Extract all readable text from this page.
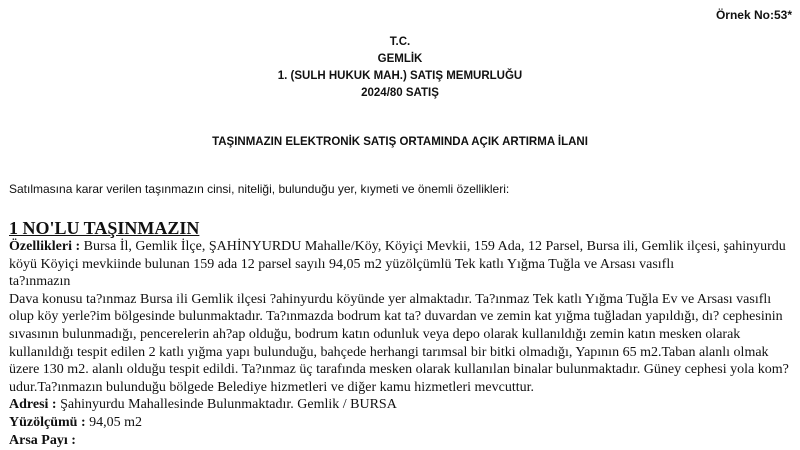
Örnek No:53*
T.C.
GEMLİK
1. (SULH HUKUK MAH.) SATIŞ MEMURLUĞU
2024/80 SATIŞ
TAŞINMAZIN ELEKTRONİK SATIŞ ORTAMINDA AÇIK ARTIRMA İLANI
Satılmasına karar verilen taşınmazın cinsi, niteliği, bulunduğu yer, kıymeti ve önemli özellikleri:
1 NO'LU TAŞINMAZIN
Özellikleri : Bursa İl, Gemlik İlçe, ŞAHİNYURDU Mahalle/Köy, Köyiçi Mevkii, 159 Ada, 12 Parsel, Bursa ili, Gemlik ilçesi, şahinyurdu
köyü Köyiçi mevkiinde bulunan 159 ada 12 parsel sayılı 94,05 m2 yüzölçümlü Tek katlı Yığma Tuğla ve Arsası vasıflı
ta?ınmazın
Dava konusu ta?ınmaz Bursa ili Gemlik ilçesi ?ahinyurdu köyünde yer almaktadır. Ta?ınmaz Tek katlı Yığma Tuğla Ev ve Arsası vasıflı
olup köy yerle?im bölgesinde bulunmaktadır. Ta?ınmazda bodrum kat ta? duvardan ve zemin kat yığma tuğladan yapıldığı, dı? cephesinin
sıvasının bulunmadığı, pencerelerin ah?ap olduğu, bodrum katın odunluk veya depo olarak kullanıldığı zemin katın mesken olarak
kullanıldığı tespit edilen 2 katlı yığma yapı bulunduğu, bahçede herhangi tarımsal bir bitki olmadığı, Yapının 65 m2.Taban alanlı olmak
üzere 130 m2. alanlı olduğu tespit edildi. Ta?ınmaz üç tarafında mesken olarak kullanılan binalar bulunmaktadır. Güney cephesi yola kom?
udur.Ta?ınmazın bulunduğu bölgede Belediye hizmetleri ve diğer kamu hizmetleri mevcuttur.
Adresi : Şahinyurdu Mahallesinde Bulunmaktadır. Gemlik / BURSA
Yüzölçümü : 94,05 m2
Arsa Payı :
